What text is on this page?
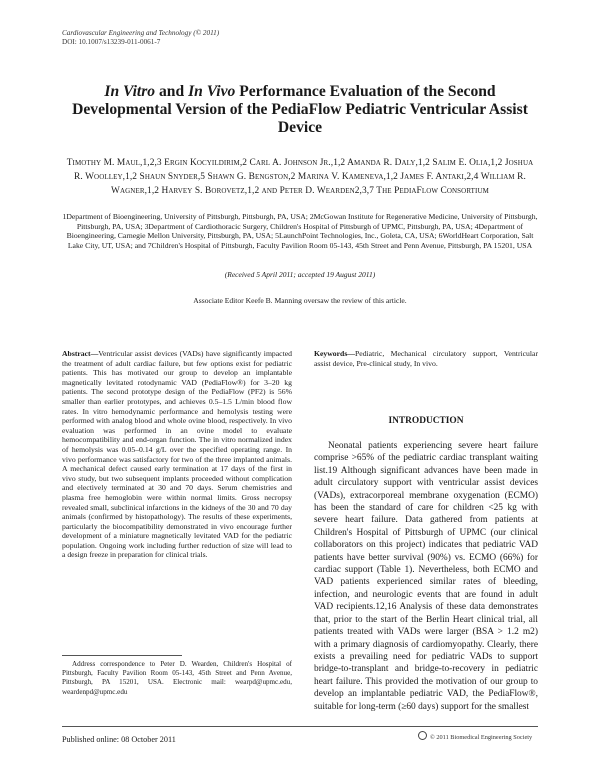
Cardiovascular Engineering and Technology (© 2011)
DOI: 10.1007/s13239-011-0061-7
In Vitro and In Vivo Performance Evaluation of the Second Developmental Version of the PediaFlow Pediatric Ventricular Assist Device
Timothy M. Maul,1,2,3 Ergin Kocyildirim,2 Carl A. Johnson Jr.,1,2 Amanda R. Daly,1,2 Salim E. Olia,1,2 Joshua R. Woolley,1,2 Shaun Snyder,5 Shawn G. Bengston,2 Marina V. Kameneva,1,2 James F. Antaki,2,4 William R. Wagner,1,2 Harvey S. Borovetz,1,2 and Peter D. Wearden2,3,7 The PediaFlow Consortium
1Department of Bioengineering, University of Pittsburgh, Pittsburgh, PA, USA; 2McGowan Institute for Regenerative Medicine, University of Pittsburgh, Pittsburgh, PA, USA; 3Department of Cardiothoracic Surgery, Children's Hospital of Pittsburgh of UPMC, Pittsburgh, PA, USA; 4Department of Bioengineering, Carnegie Mellon University, Pittsburgh, PA, USA; 5LaunchPoint Technologies, Inc., Goleta, CA, USA; 6WorldHeart Corporation, Salt Lake City, UT, USA; and 7Children's Hospital of Pittsburgh, Faculty Pavilion Room 05-143, 45th Street and Penn Avenue, Pittsburgh, PA 15201, USA
(Received 5 April 2011; accepted 19 August 2011)
Associate Editor Keefe B. Manning oversaw the review of this article.
Abstract—Ventricular assist devices (VADs) have significantly impacted the treatment of adult cardiac failure, but few options exist for pediatric patients. This has motivated our group to develop an implantable magnetically levitated rotodynamic VAD (PediaFlow®) for 3–20 kg patients. The second prototype design of the PediaFlow (PF2) is 56% smaller than earlier prototypes, and achieves 0.5–1.5 L/min blood flow rates. In vitro hemodynamic performance and hemolysis testing were performed with analog blood and whole ovine blood, respectively. In vivo evaluation was performed in an ovine model to evaluate hemocompatibility and end-organ function. The in vitro normalized index of hemolysis was 0.05–0.14 g/L over the specified operating range. In vivo performance was satisfactory for two of the three implanted animals. A mechanical defect caused early termination at 17 days of the first in vivo study, but two subsequent implants proceeded without complication and electively terminated at 30 and 70 days. Serum chemistries and plasma free hemoglobin were within normal limits. Gross necropsy revealed small, subclinical infarctions in the kidneys of the 30 and 70 day animals (confirmed by histopathology). The results of these experiments, particularly the biocompatibility demonstrated in vivo encourage further development of a miniature magnetically levitated VAD for the pediatric population. Ongoing work including further reduction of size will lead to a design freeze in preparation for clinical trials.
Keywords—Pediatric, Mechanical circulatory support, Ventricular assist device, Pre-clinical study, In vivo.
INTRODUCTION
Neonatal patients experiencing severe heart failure comprise >65% of the pediatric cardiac transplant waiting list.19 Although significant advances have been made in adult circulatory support with ventricular assist devices (VADs), extracorporeal membrane oxygenation (ECMO) has been the standard of care for children <25 kg with severe heart failure. Data gathered from patients at Children's Hospital of Pittsburgh of UPMC (our clinical collaborators on this project) indicates that pediatric VAD patients have better survival (90%) vs. ECMO (66%) for cardiac support (Table 1). Nevertheless, both ECMO and VAD patients experienced similar rates of bleeding, infection, and neurologic events that are found in adult VAD recipients.12,16 Analysis of these data demonstrates that, prior to the start of the Berlin Heart clinical trial, all patients treated with VADs were larger (BSA > 1.2 m2) with a primary diagnosis of cardiomyopathy. Clearly, there exists a prevailing need for pediatric VADs to support bridge-to-transplant and bridge-to-recovery in pediatric heart failure. This provided the motivation of our group to develop an implantable pediatric VAD, the PediaFlow®, suitable for long-term (≥60 days) support for the smallest
Address correspondence to Peter D. Wearden, Children's Hospital of Pittsburgh, Faculty Pavilion Room 05-143, 45th Street and Penn Avenue, Pittsburgh, PA 15201, USA. Electronic mail: wearpd@upmc.edu, weardenpd@upmc.edu
Published online: 08 October 2011	© 2011 Biomedical Engineering Society
